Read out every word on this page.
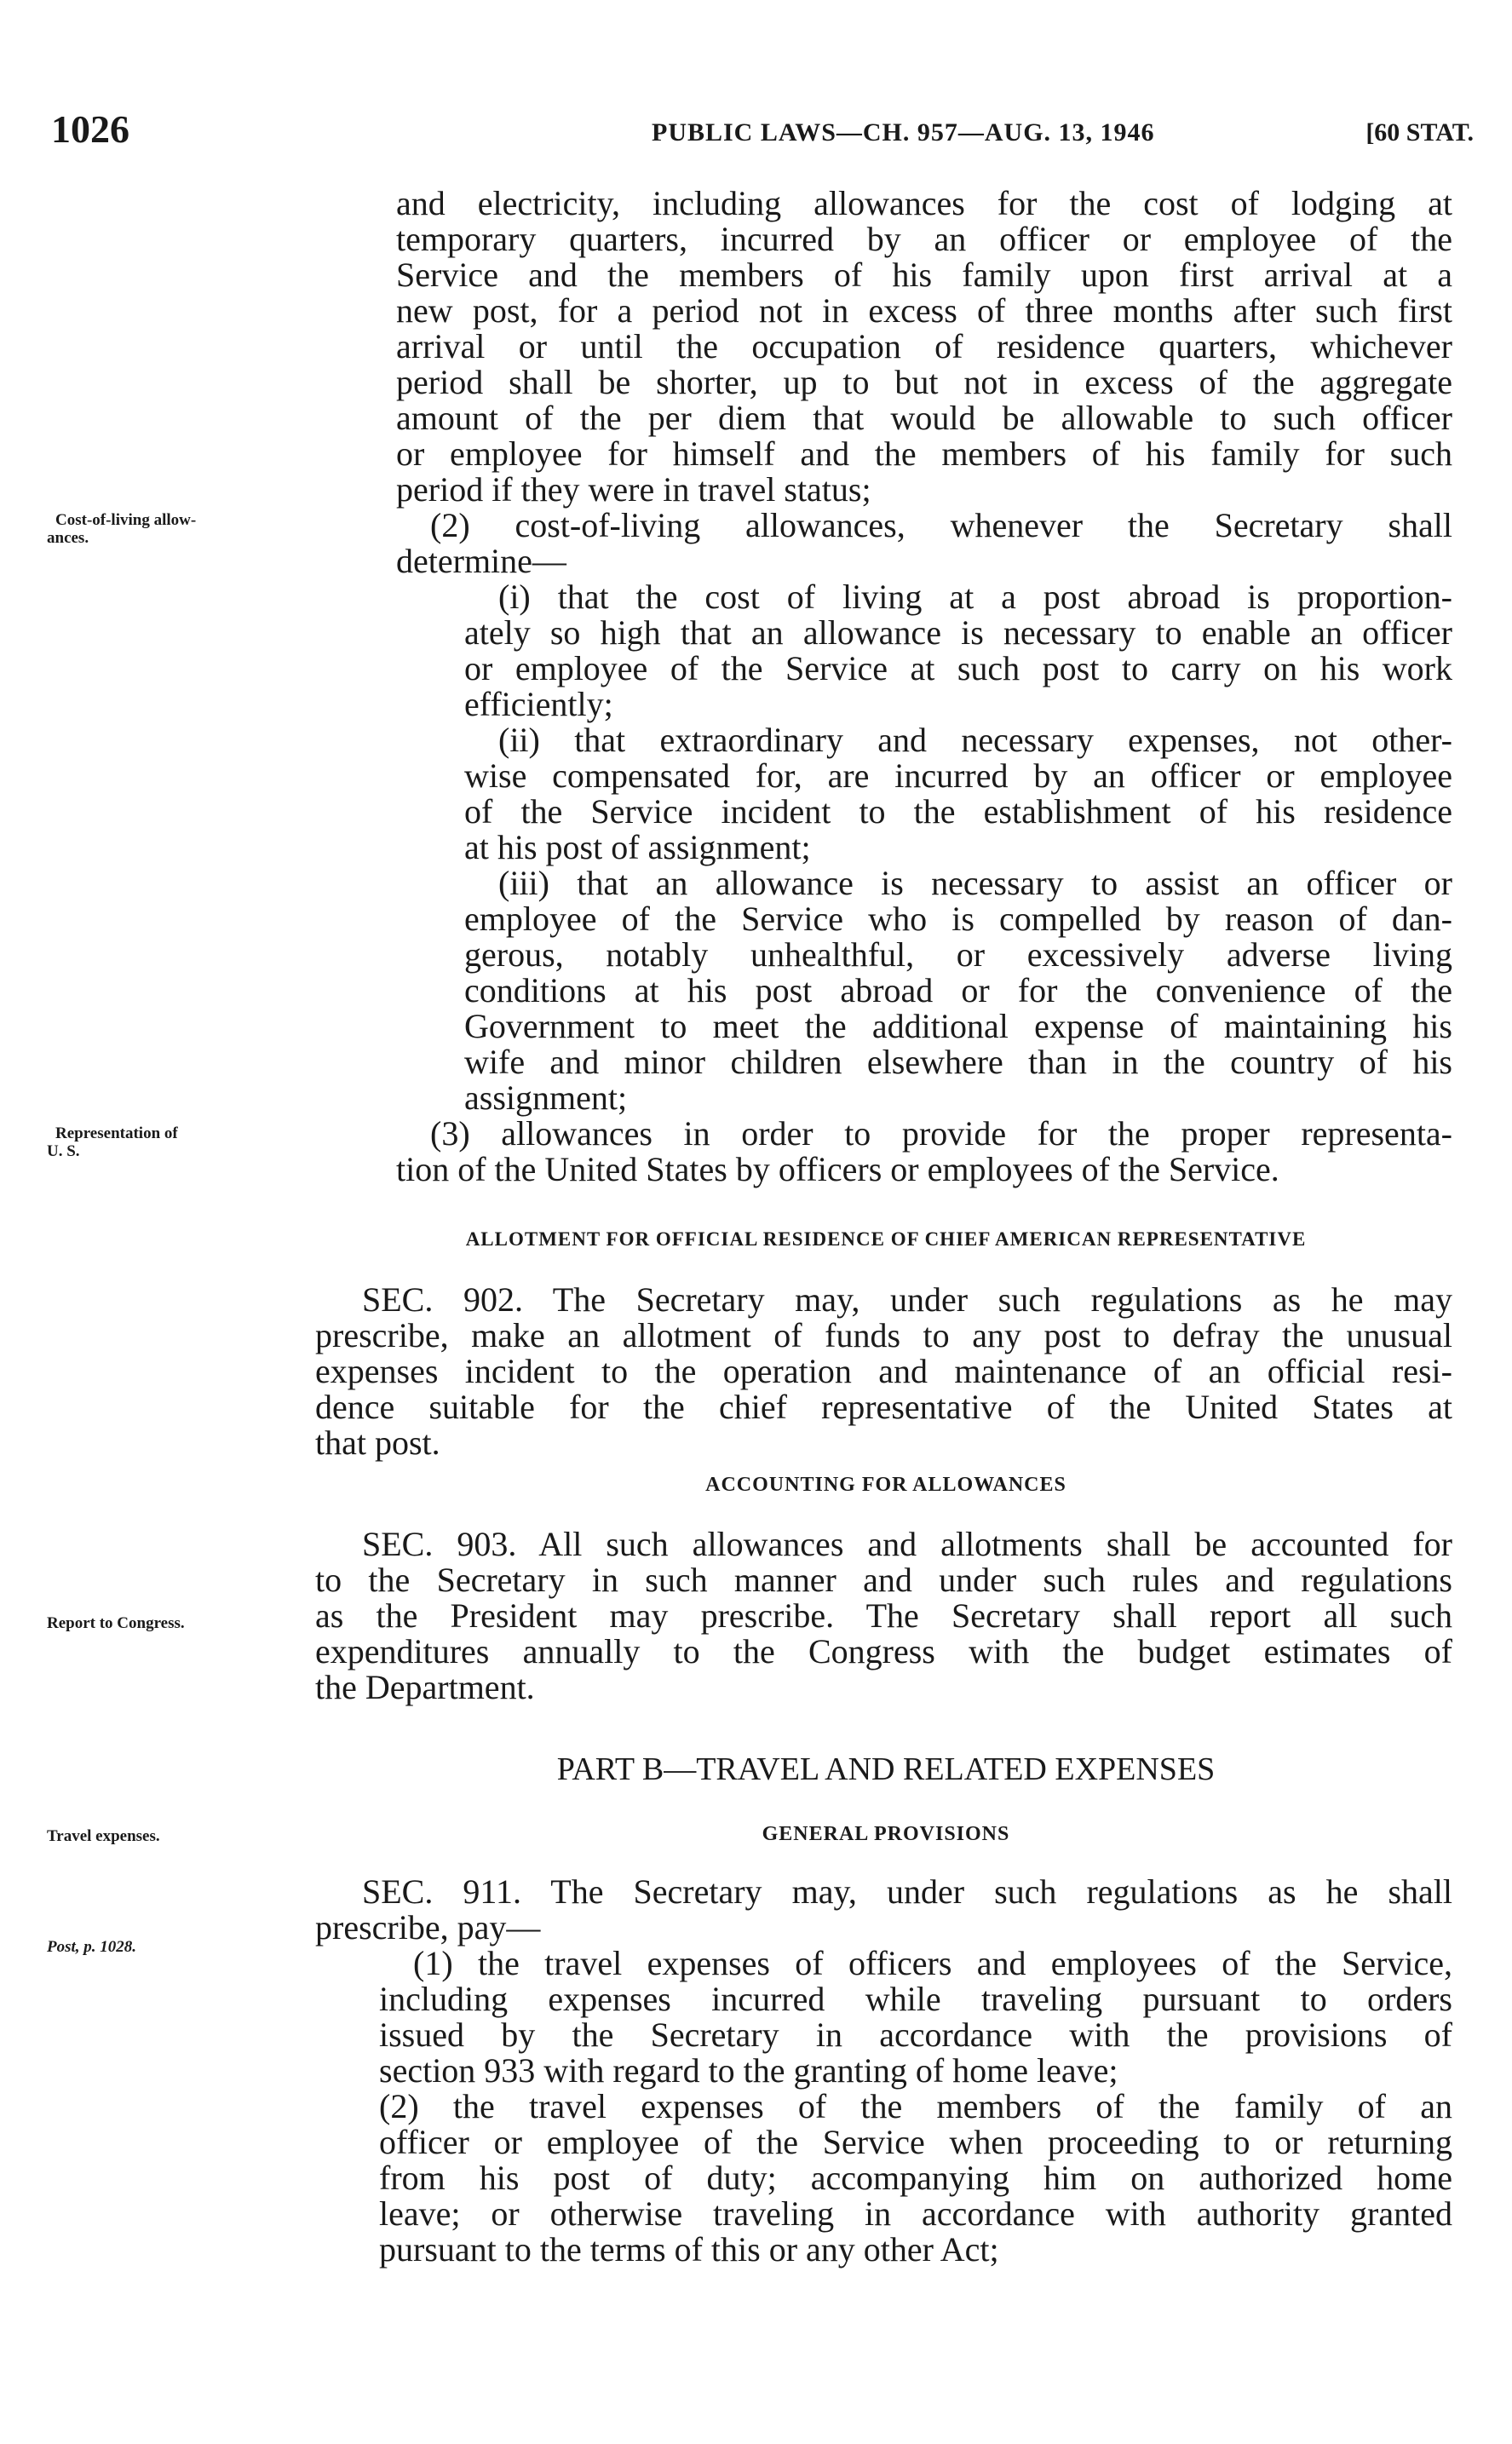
1026	PUBLIC LAWS—CH. 957—AUG. 13, 1946	[60 STAT.
Cost-of-living allow-
ances.
Representation of
U. S.
Report to Congress.
Travel expenses.
Post, p. 1028.
and electricity, including allowances for the cost of lodging at
temporary quarters, incurred by an officer or employee of the
Service and the members of his family upon first arrival at a
new post, for a period not in excess of three months after such first
arrival or until the occupation of residence quarters, whichever
period shall be shorter, up to but not in excess of the aggregate
amount of the per diem that would be allowable to such officer
or employee for himself and the members of his family for such
period if they were in travel status;
(2) cost-of-living allowances, whenever the Secretary shall
determine—
(i) that the cost of living at a post abroad is proportion-
ately so high that an allowance is necessary to enable an officer
or employee of the Service at such post to carry on his work
efficiently;
(ii) that extraordinary and necessary expenses, not other-
wise compensated for, are incurred by an officer or employee
of the Service incident to the establishment of his residence
at his post of assignment;
(iii) that an allowance is necessary to assist an officer or
employee of the Service who is compelled by reason of dan-
gerous, notably unhealthful, or excessively adverse living
conditions at his post abroad or for the convenience of the
Government to meet the additional expense of maintaining his
wife and minor children elsewhere than in the country of his
assignment;
(3) allowances in order to provide for the proper representa-
tion of the United States by officers or employees of the Service.
ALLOTMENT FOR OFFICIAL RESIDENCE OF CHIEF AMERICAN REPRESENTATIVE
SEC. 902. The Secretary may, under such regulations as he may
prescribe, make an allotment of funds to any post to defray the unusual
expenses incident to the operation and maintenance of an official resi-
dence suitable for the chief representative of the United States at
that post.
ACCOUNTING FOR ALLOWANCES
SEC. 903. All such allowances and allotments shall be accounted for
to the Secretary in such manner and under such rules and regulations
as the President may prescribe. The Secretary shall report all such
expenditures annually to the Congress with the budget estimates of
the Department.
PART B—TRAVEL AND RELATED EXPENSES
GENERAL PROVISIONS
SEC. 911. The Secretary may, under such regulations as he shall
prescribe, pay—
(1) the travel expenses of officers and employees of the Service,
including expenses incurred while traveling pursuant to orders
issued by the Secretary in accordance with the provisions of
section 933 with regard to the granting of home leave;
(2) the travel expenses of the members of the family of an
officer or employee of the Service when proceeding to or returning
from his post of duty; accompanying him on authorized home
leave; or otherwise traveling in accordance with authority granted
pursuant to the terms of this or any other Act;
